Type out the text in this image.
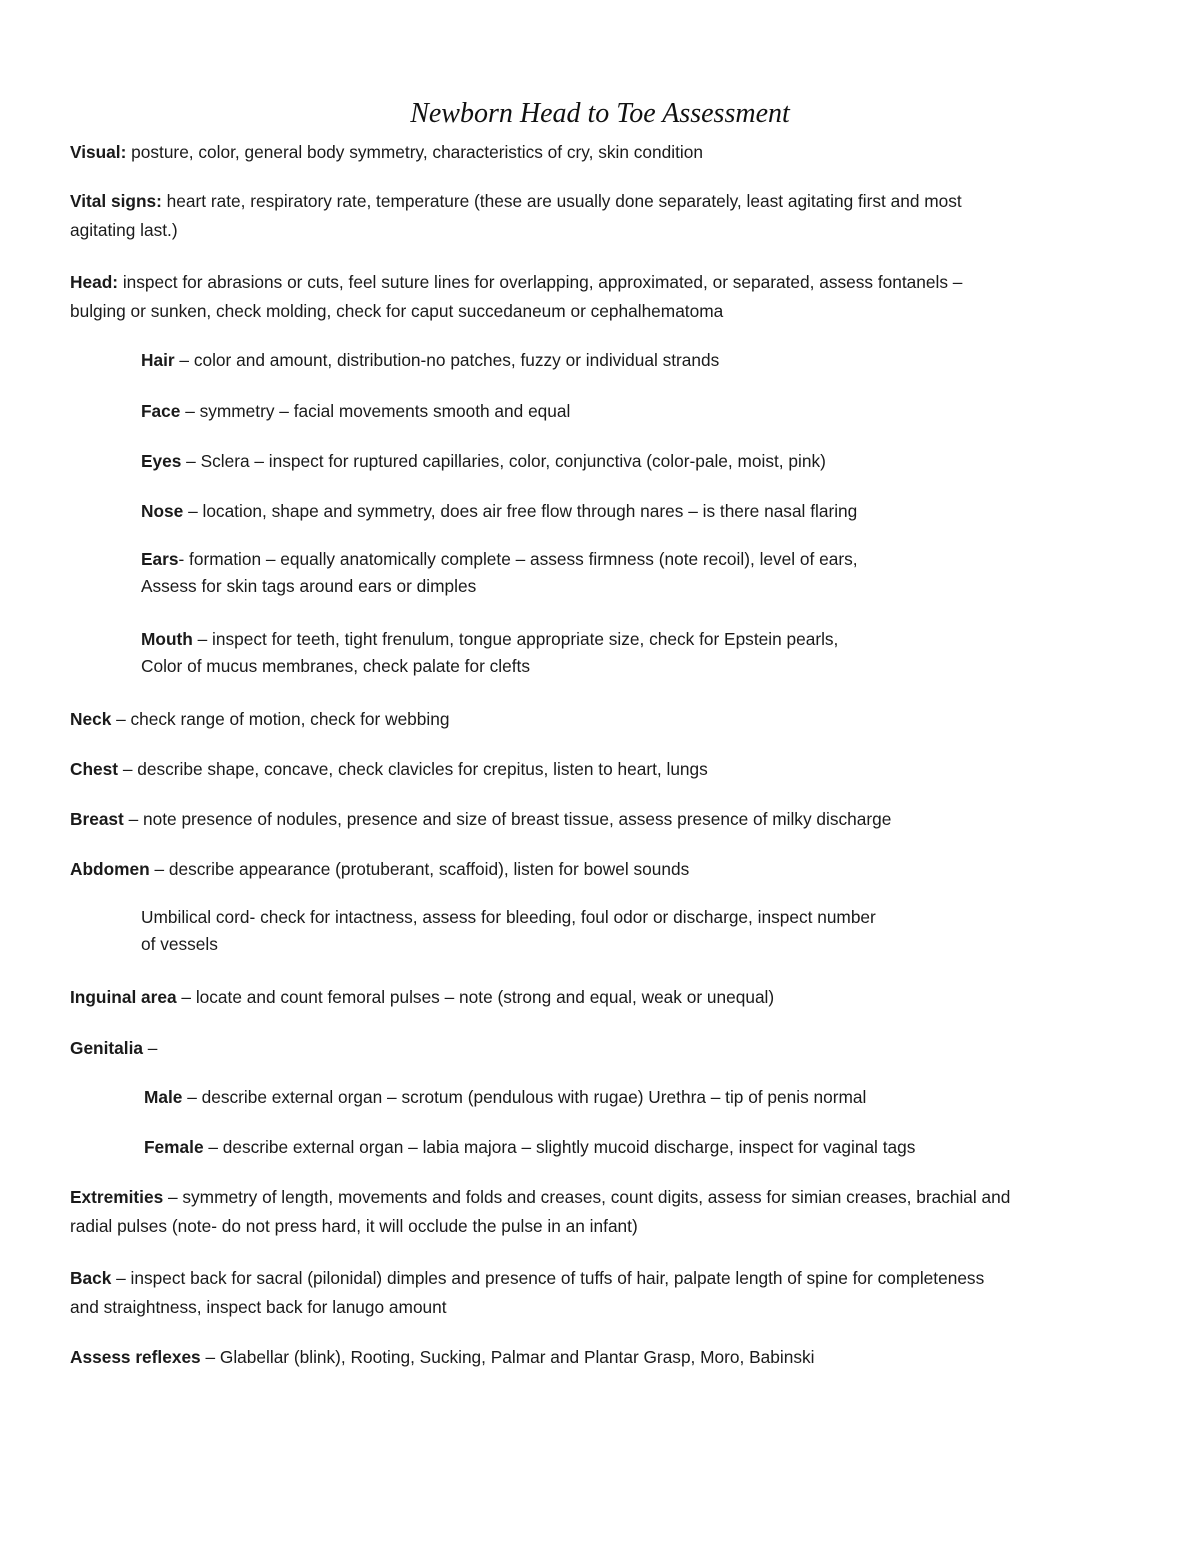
Newborn Head to Toe Assessment
Visual: posture, color, general body symmetry, characteristics of cry, skin condition
Vital signs: heart rate, respiratory rate, temperature (these are usually done separately, least agitating first and most
agitating last.)
Head: inspect for abrasions or cuts, feel suture lines for overlapping, approximated, or separated, assess fontanels –
bulging or sunken, check molding, check for caput succedaneum or cephalhematoma
Hair – color and amount, distribution-no patches, fuzzy or individual strands
Face – symmetry – facial movements smooth and equal
Eyes – Sclera – inspect for ruptured capillaries, color, conjunctiva (color-pale, moist, pink)
Nose – location, shape and symmetry, does air free flow through nares – is there nasal flaring
Ears- formation – equally anatomically complete – assess firmness (note recoil), level of ears,
Assess for skin tags around ears or dimples
Mouth – inspect for teeth, tight frenulum, tongue appropriate size, check for Epstein pearls,
Color of mucus membranes, check palate for clefts
Neck – check range of motion, check for webbing
Chest – describe shape, concave, check clavicles for crepitus, listen to heart, lungs
Breast – note presence of nodules, presence and size of breast tissue, assess presence of milky discharge
Abdomen – describe appearance (protuberant, scaffoid), listen for bowel sounds
Umbilical cord- check for intactness, assess for bleeding, foul odor or discharge, inspect number
of vessels
Inguinal area – locate and count femoral pulses – note (strong and equal, weak or unequal)
Genitalia –
Male – describe external organ – scrotum (pendulous with rugae) Urethra – tip of penis normal
Female – describe external organ – labia majora – slightly mucoid discharge, inspect for vaginal tags
Extremities – symmetry of length, movements and folds and creases, count digits, assess for simian creases, brachial and
radial pulses (note- do not press hard, it will occlude the pulse in an infant)
Back – inspect back for sacral (pilonidal) dimples and presence of tuffs of hair, palpate length of spine for completeness
and straightness, inspect back for lanugo amount
Assess reflexes – Glabellar (blink), Rooting, Sucking, Palmar and Plantar Grasp, Moro, Babinski
